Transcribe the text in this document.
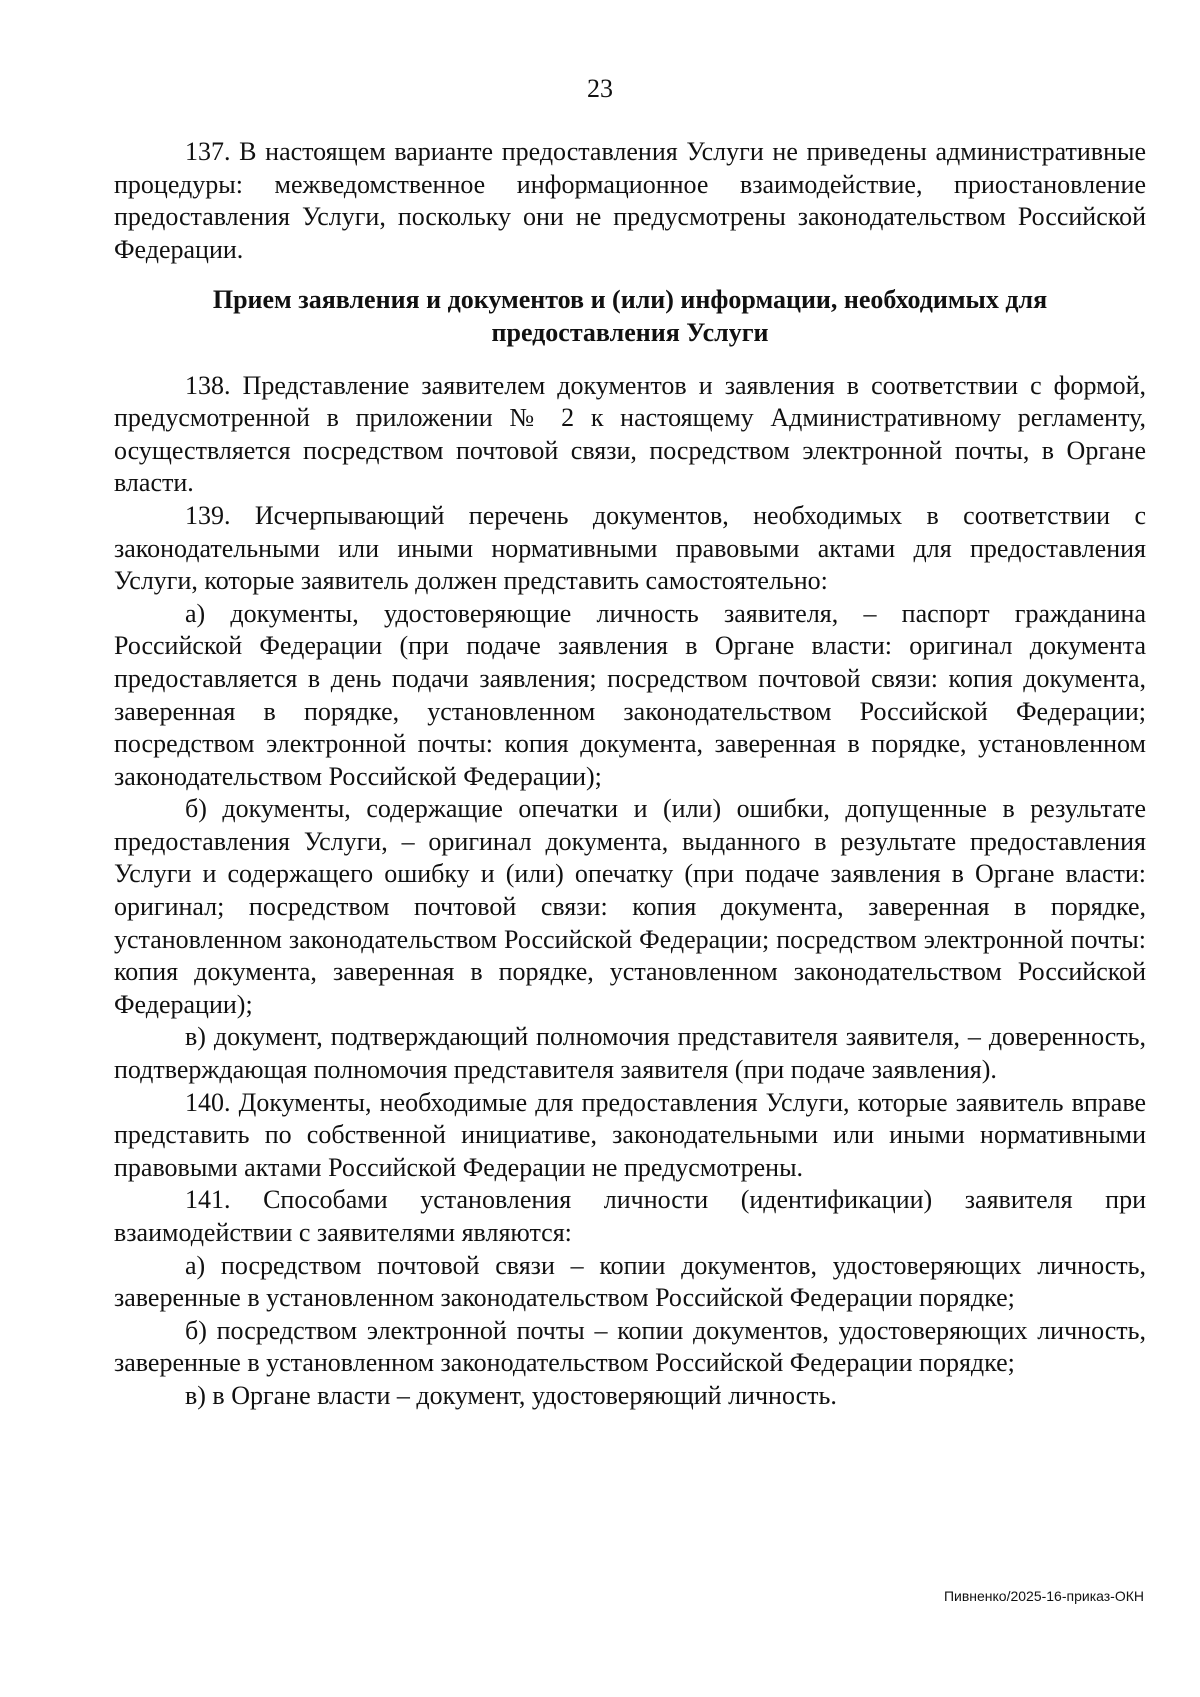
23

137. В настоящем варианте предоставления Услуги не приведены административные процедуры: межведомственное информационное взаимодействие, приостановление предоставления Услуги, поскольку они не предусмотрены законодательством Российской Федерации.

Прием заявления и документов и (или) информации, необходимых для
предоставления Услуги

138. Представление заявителем документов и заявления в соответствии с формой, предусмотренной в приложении № 2 к настоящему Административному регламенту, осуществляется посредством почтовой связи, посредством электронной почты, в Органе власти.

139. Исчерпывающий перечень документов, необходимых в соответствии с законодательными или иными нормативными правовыми актами для предоставления Услуги, которые заявитель должен представить самостоятельно:

а) документы, удостоверяющие личность заявителя, – паспорт гражданина Российской Федерации (при подаче заявления в Органе власти: оригинал документа предоставляется в день подачи заявления; посредством почтовой связи: копия документа, заверенная в порядке, установленном законодательством Российской Федерации; посредством электронной почты: копия документа, заверенная в порядке, установленном законодательством Российской Федерации);

б) документы, содержащие опечатки и (или) ошибки, допущенные в результате предоставления Услуги, – оригинал документа, выданного в результате предоставления Услуги и содержащего ошибку и (или) опечатку (при подаче заявления в Органе власти: оригинал; посредством почтовой связи: копия документа, заверенная в порядке, установленном законодательством Российской Федерации; посредством электронной почты: копия документа, заверенная в порядке, установленном законодательством Российской Федерации);

в) документ, подтверждающий полномочия представителя заявителя, – доверенность, подтверждающая полномочия представителя заявителя (при подаче заявления).

140. Документы, необходимые для предоставления Услуги, которые заявитель вправе представить по собственной инициативе, законодательными или иными нормативными правовыми актами Российской Федерации не предусмотрены.

141. Способами установления личности (идентификации) заявителя при взаимодействии с заявителями являются:

а) посредством почтовой связи – копии документов, удостоверяющих личность, заверенные в установленном законодательством Российской Федерации порядке;

б) посредством электронной почты – копии документов, удостоверяющих личность, заверенные в установленном законодательством Российской Федерации порядке;

в) в Органе власти – документ, удостоверяющий личность.

Пивненко/2025-16-приказ-ОКН
